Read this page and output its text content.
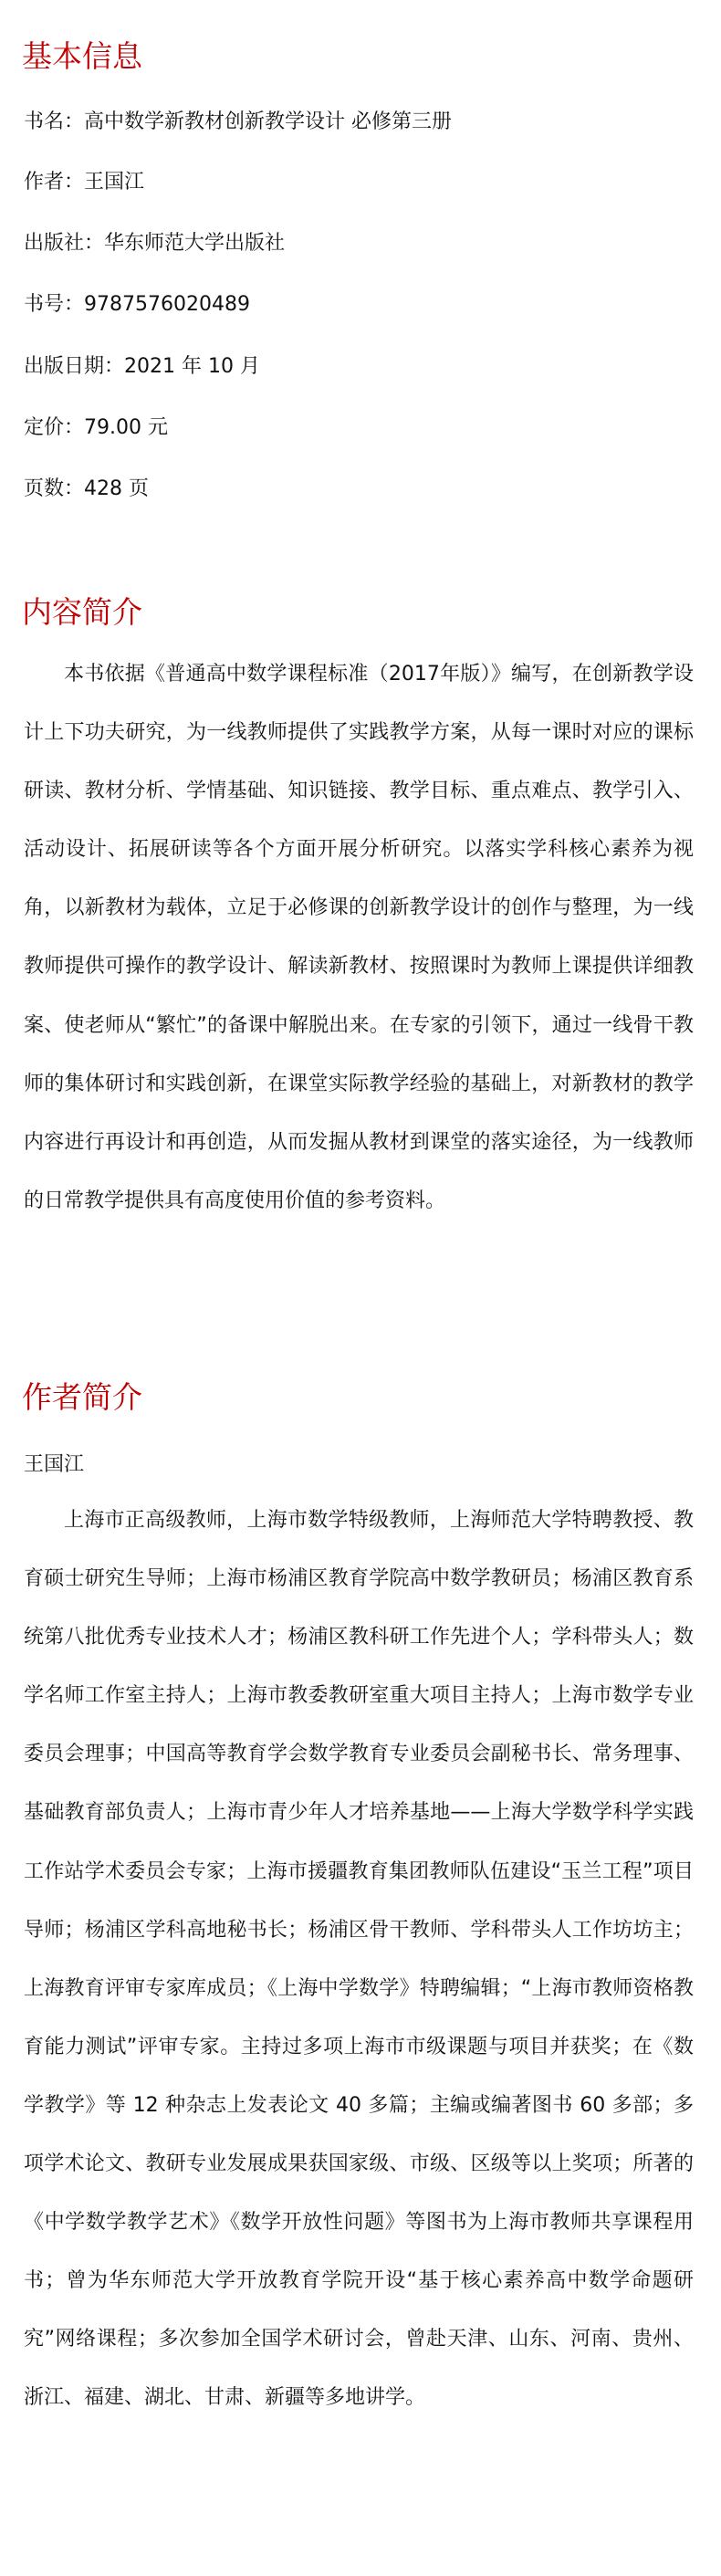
基本信息
书名：高中数学新教材创新教学设计 必修第三册
作者：王国江
出版社：华东师范大学出版社
书号：9787576020489
出版日期：2021 年 10 月
定价：79.00 元
页数：428 页
内容简介

本书依据《普通高中数学课程标准（2017年版）》编写，在创新教学设计上下功夫研究，为一线教师提供了实践教学方案，从每一课时对应的课标研读、教材分析、学情基础、知识链接、教学目标、重点难点、教学引入、活动设计、拓展研读等各个方面开展分析研究。以落实学科核心素养为视角，以新教材为载体，立足于必修课的创新教学设计的创作与整理，为一线教师提供可操作的教学设计、解读新教材、按照课时为教师上课提供详细教案、使老师从“繁忙”的备课中解脱出来。在专家的引领下，通过一线骨干教师的集体研讨和实践创新，在课堂实际教学经验的基础上，对新教材的教学内容进行再设计和再创造，从而发掘从教材到课堂的落实途径，为一线教师的日常教学提供具有高度使用价值的参考资料。

作者简介
王国江

上海市正高级教师，上海市数学特级教师，上海师范大学特聘教授、教育硕士研究生导师；上海市杨浦区教育学院高中数学教研员；杨浦区教育系统第八批优秀专业技术人才；杨浦区教科研工作先进个人；学科带头人；数学名师工作室主持人；上海市教委教研室重大项目主持人；上海市数学专业委员会理事；中国高等教育学会数学教育专业委员会副秘书长、常务理事、基础教育部负责人；上海市青少年人才培养基地——上海大学数学科学实践工作站学术委员会专家；上海市援疆教育集团教师队伍建设“玉兰工程”项目导师；杨浦区学科高地秘书长；杨浦区骨干教师、学科带头人工作坊坊主；上海教育评审专家库成员；《上海中学数学》特聘编辑；“上海市教师资格教育能力测试”评审专家。主持过多项上海市市级课题与项目并获奖；在《数学教学》等 12 种杂志上发表论文 40 多篇；主编或编著图书 60 多部；多项学术论文、教研专业发展成果获国家级、市级、区级等以上奖项；所著的《中学数学教学艺术》《数学开放性问题》等图书为上海市教师共享课程用书；曾为华东师范大学开放教育学院开设“基于核心素养高中数学命题研究”网络课程；多次参加全国学术研讨会，曾赴天津、山东、河南、贵州、浙江、福建、湖北、甘肃、新疆等多地讲学。
